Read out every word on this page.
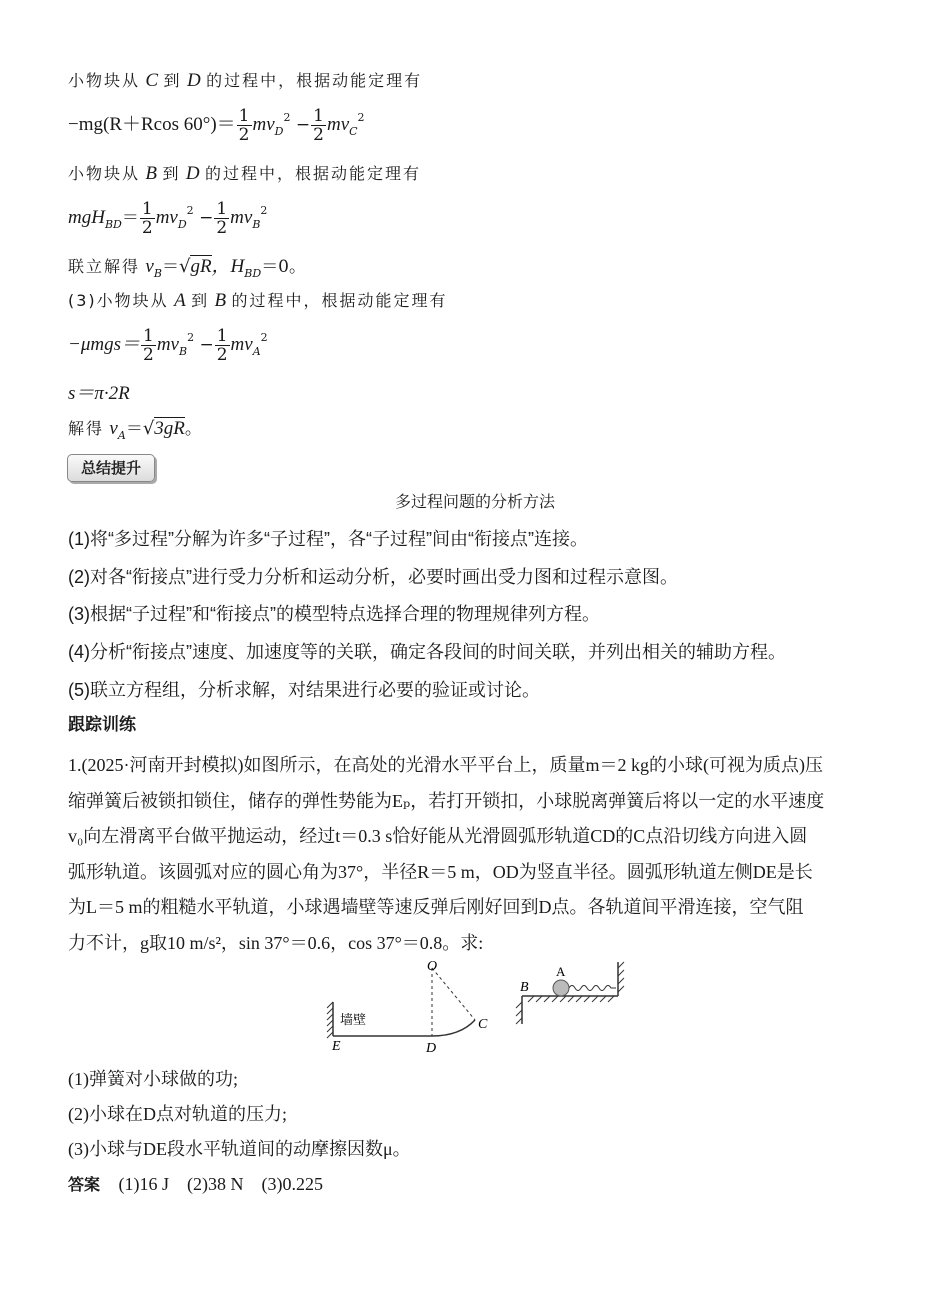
小物块从 C 到 D 的过程中，根据动能定理有
−mg(R＋Rcos $60^\circ)= \frac{1}{2} mv_D^2 - \frac{1}{2} mv_C^2$
小物块从 B 到 D 的过程中，根据动能定理有
$mgH_{BD}= \frac{1}{2} mv_D^2 - \frac{1}{2} mv_B^2$
联立解得 $v_B=√gR$，$H_{BD}=0$。
(3)小物块从 A 到 B 的过程中，根据动能定理有
$-\mu mgs= \frac{1}{2} mv_B^2 - \frac{1}{2} mv_A^2$
s＝π·2R
解得 $v_A=√3gR$。
总结提升
多过程问题的分析方法
(1)将“多过程”分解为许多“子过程”，各“子过程”间由“衔接点”连接。
(2)对各“衔接点”进行受力分析和运动分析，必要时画出受力图和过程示意图。
(3)根据“子过程”和“衔接点”的模型特点选择合理的物理规律列方程。
(4)分析“衔接点”速度、加速度等的关联，确定各段间的时间关联，并列出相关的辅助方程。
(5)联立方程组，分析求解，对结果进行必要的验证或讨论。
跟踪训练
1.(2025·河南开封模拟)如图所示，在高处的光滑水平平台上，质量m＝2 kg的小球(可视为质点)压
缩弹簧后被锁扣锁住，储存的弹性势能为Eₚ，若打开锁扣，小球脱离弹簧后将以一定的水平速度
v₀向左滑离平台做平抛运动，经过t＝0.3 s恰好能从光滑圆弧形轨道CD的C点沿切线方向进入圆
弧形轨道。该圆弧对应的圆心角为37°，半径R＝5 m，OD为竖直半径。圆弧形轨道左侧DE是长
为L＝5 m的粗糙水平轨道，小球遇墙壁等速反弹后刚好回到D点。各轨道间平滑连接，空气阻
力不计，g取10 m/s²，sin 37°＝0.6，cos 37°＝0.8。求:
墙壁
O
C
D
E
A
B
(1)弹簧对小球做的功;
(2)小球在D点对轨道的压力;
(3)小球与DE段水平轨道间的动摩擦因数μ。
答案 (1)16 J　(2)38 N　(3)0.225
